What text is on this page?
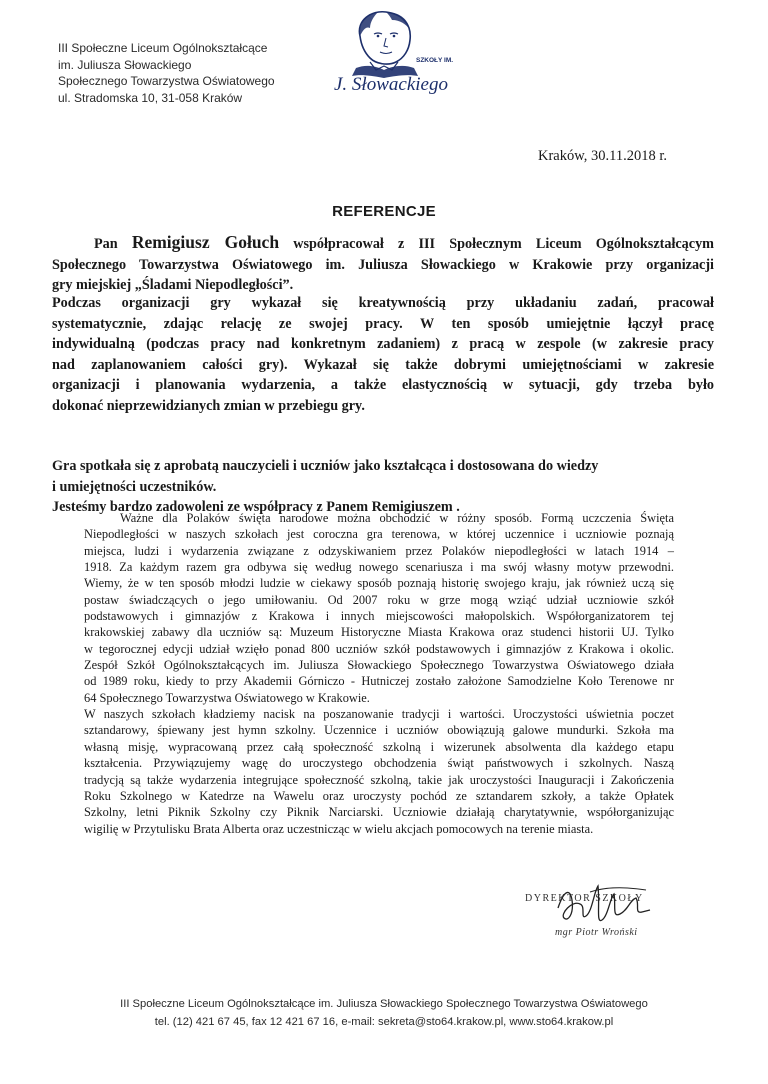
III Społeczne Liceum Ogólnokształcące
im. Juliusza Słowackiego
Społecznego Towarzystwa Oświatowego
ul. Stradomska 10, 31-058 Kraków
SZKOŁY IM.
J. Słowackiego
Kraków, 30.11.2018 r.
REFERENCJE
Pan Remigiusz Gołuch współpracował z III Społecznym Liceum Ogólnokształcącym
Społecznego Towarzystwa Oświatowego im. Juliusza Słowackiego w Krakowie przy organizacji
gry miejskiej „Śladami Niepodległości”.
Podczas organizacji gry wykazał się kreatywnością przy układaniu zadań, pracował
systematycznie, zdając relację ze swojej pracy. W ten sposób umiejętnie łączył pracę
indywidualną (podczas pracy nad konkretnym zadaniem) z pracą w zespole (w zakresie pracy
nad zaplanowaniem całości gry). Wykazał się także dobrymi umiejętnościami w zakresie
organizacji i planowania wydarzenia, a także elastycznością w sytuacji, gdy trzeba było
dokonać nieprzewidzianych zmian w przebiegu gry.
Gra spotkała się z aprobatą nauczycieli i uczniów jako kształcąca i dostosowana do wiedzy
i umiejętności uczestników.
Jesteśmy bardzo zadowoleni ze współpracy z Panem Remigiuszem .
Ważne dla Polaków święta narodowe można obchodzić w różny sposób. Formą uczczenia Święta
Niepodległości w naszych szkołach jest coroczna gra terenowa, w której uczennice i uczniowie poznają
miejsca, ludzi i wydarzenia związane z odzyskiwaniem przez Polaków niepodległości w latach 1914 –
1918. Za każdym razem gra odbywa się według nowego scenariusza i ma swój własny motyw przewodni.
Wiemy, że w ten sposób młodzi ludzie w ciekawy sposób poznają historię swojego kraju, jak również uczą się
postaw świadczących o jego umiłowaniu. Od 2007 roku w grze mogą wziąć udział uczniowie szkół
podstawowych i gimnazjów z Krakowa i innych miejscowości małopolskich. Współorganizatorem tej
krakowskiej zabawy dla uczniów są: Muzeum Historyczne Miasta Krakowa oraz studenci historii UJ. Tylko
w tegorocznej edycji udział wzięło ponad 800 uczniów szkół podstawowych i gimnazjów z Krakowa i okolic.
Zespół Szkół Ogólnokształcących im. Juliusza Słowackiego Społecznego Towarzystwa Oświatowego działa
od 1989 roku, kiedy to przy Akademii Górniczo - Hutniczej zostało założone Samodzielne Koło Terenowe nr
64 Społecznego Towarzystwa Oświatowego w Krakowie.
W naszych szkołach kładziemy nacisk na poszanowanie tradycji i wartości. Uroczystości uświetnia poczet
sztandarowy, śpiewany jest hymn szkolny. Uczennice i uczniów obowiązują galowe mundurki. Szkoła ma
własną misję, wypracowaną przez całą społeczność szkolną i wizerunek absolwenta dla każdego etapu
kształcenia. Przywiązujemy wagę do uroczystego obchodzenia świąt państwowych i szkolnych. Naszą
tradycją są także wydarzenia integrujące społeczność szkolną, takie jak uroczystości Inauguracji i Zakończenia
Roku Szkolnego w Katedrze na Wawelu oraz uroczysty pochód ze sztandarem szkoły, a także Opłatek
Szkolny, letni Piknik Szkolny czy Piknik Narciarski. Uczniowie działają charytatywnie, współorganizując
wigilię w Przytulisku Brata Alberta oraz uczestnicząc w wielu akcjach pomocowych na terenie miasta.
DYREKTOR SZKOŁY
mgr Piotr Wroński
III Społeczne Liceum Ogólnokształcące im. Juliusza Słowackiego Społecznego Towarzystwa Oświatowego
tel. (12) 421 67 45, fax 12 421 67 16, e-mail: sekreta@sto64.krakow.pl, www.sto64.krakow.pl
